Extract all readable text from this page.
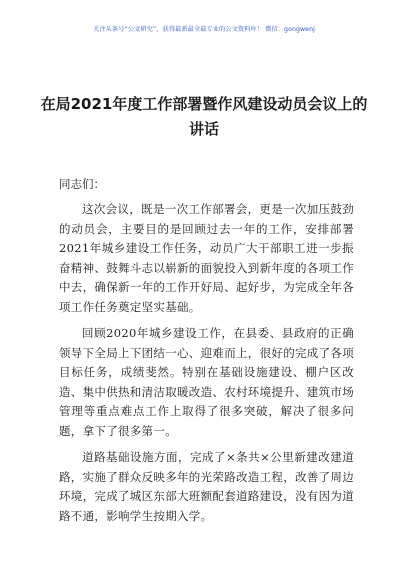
关注头条号“公文研究”，获得最新最全最专业的公文资料库！ 微信：gongwenj
在局2021年度工作部署暨作风建设动员会议上的讲话

同志们：

这次会议，既是一次工作部署会，更是一次加压鼓劲的动员会，主要目的是回顾过去一年的工作，安排部署2021年城乡建设工作任务，动员广大干部职工进一步振奋精神、鼓舞斗志以崭新的面貌投入到新年度的各项工作中去，确保新一年的工作开好局、起好步，为完成全年各项工作任务奠定坚实基础。

回顾2020年城乡建设工作，在县委、县政府的正确领导下全局上下团结一心、迎难而上，很好的完成了各项目标任务，成绩斐然。特别在基础设施建设、棚户区改造、集中供热和清洁取暖改造、农村环境提升、建筑市场管理等重点难点工作上取得了很多突破，解决了很多问题，拿下了很多第一。

道路基础设施方面，完成了×条共×公里新建改建道路，实施了群众反映多年的光荣路改造工程，改善了周边环境，完成了城区东部大班额配套道路建设，没有因为道路不通，影响学生按期入学。
